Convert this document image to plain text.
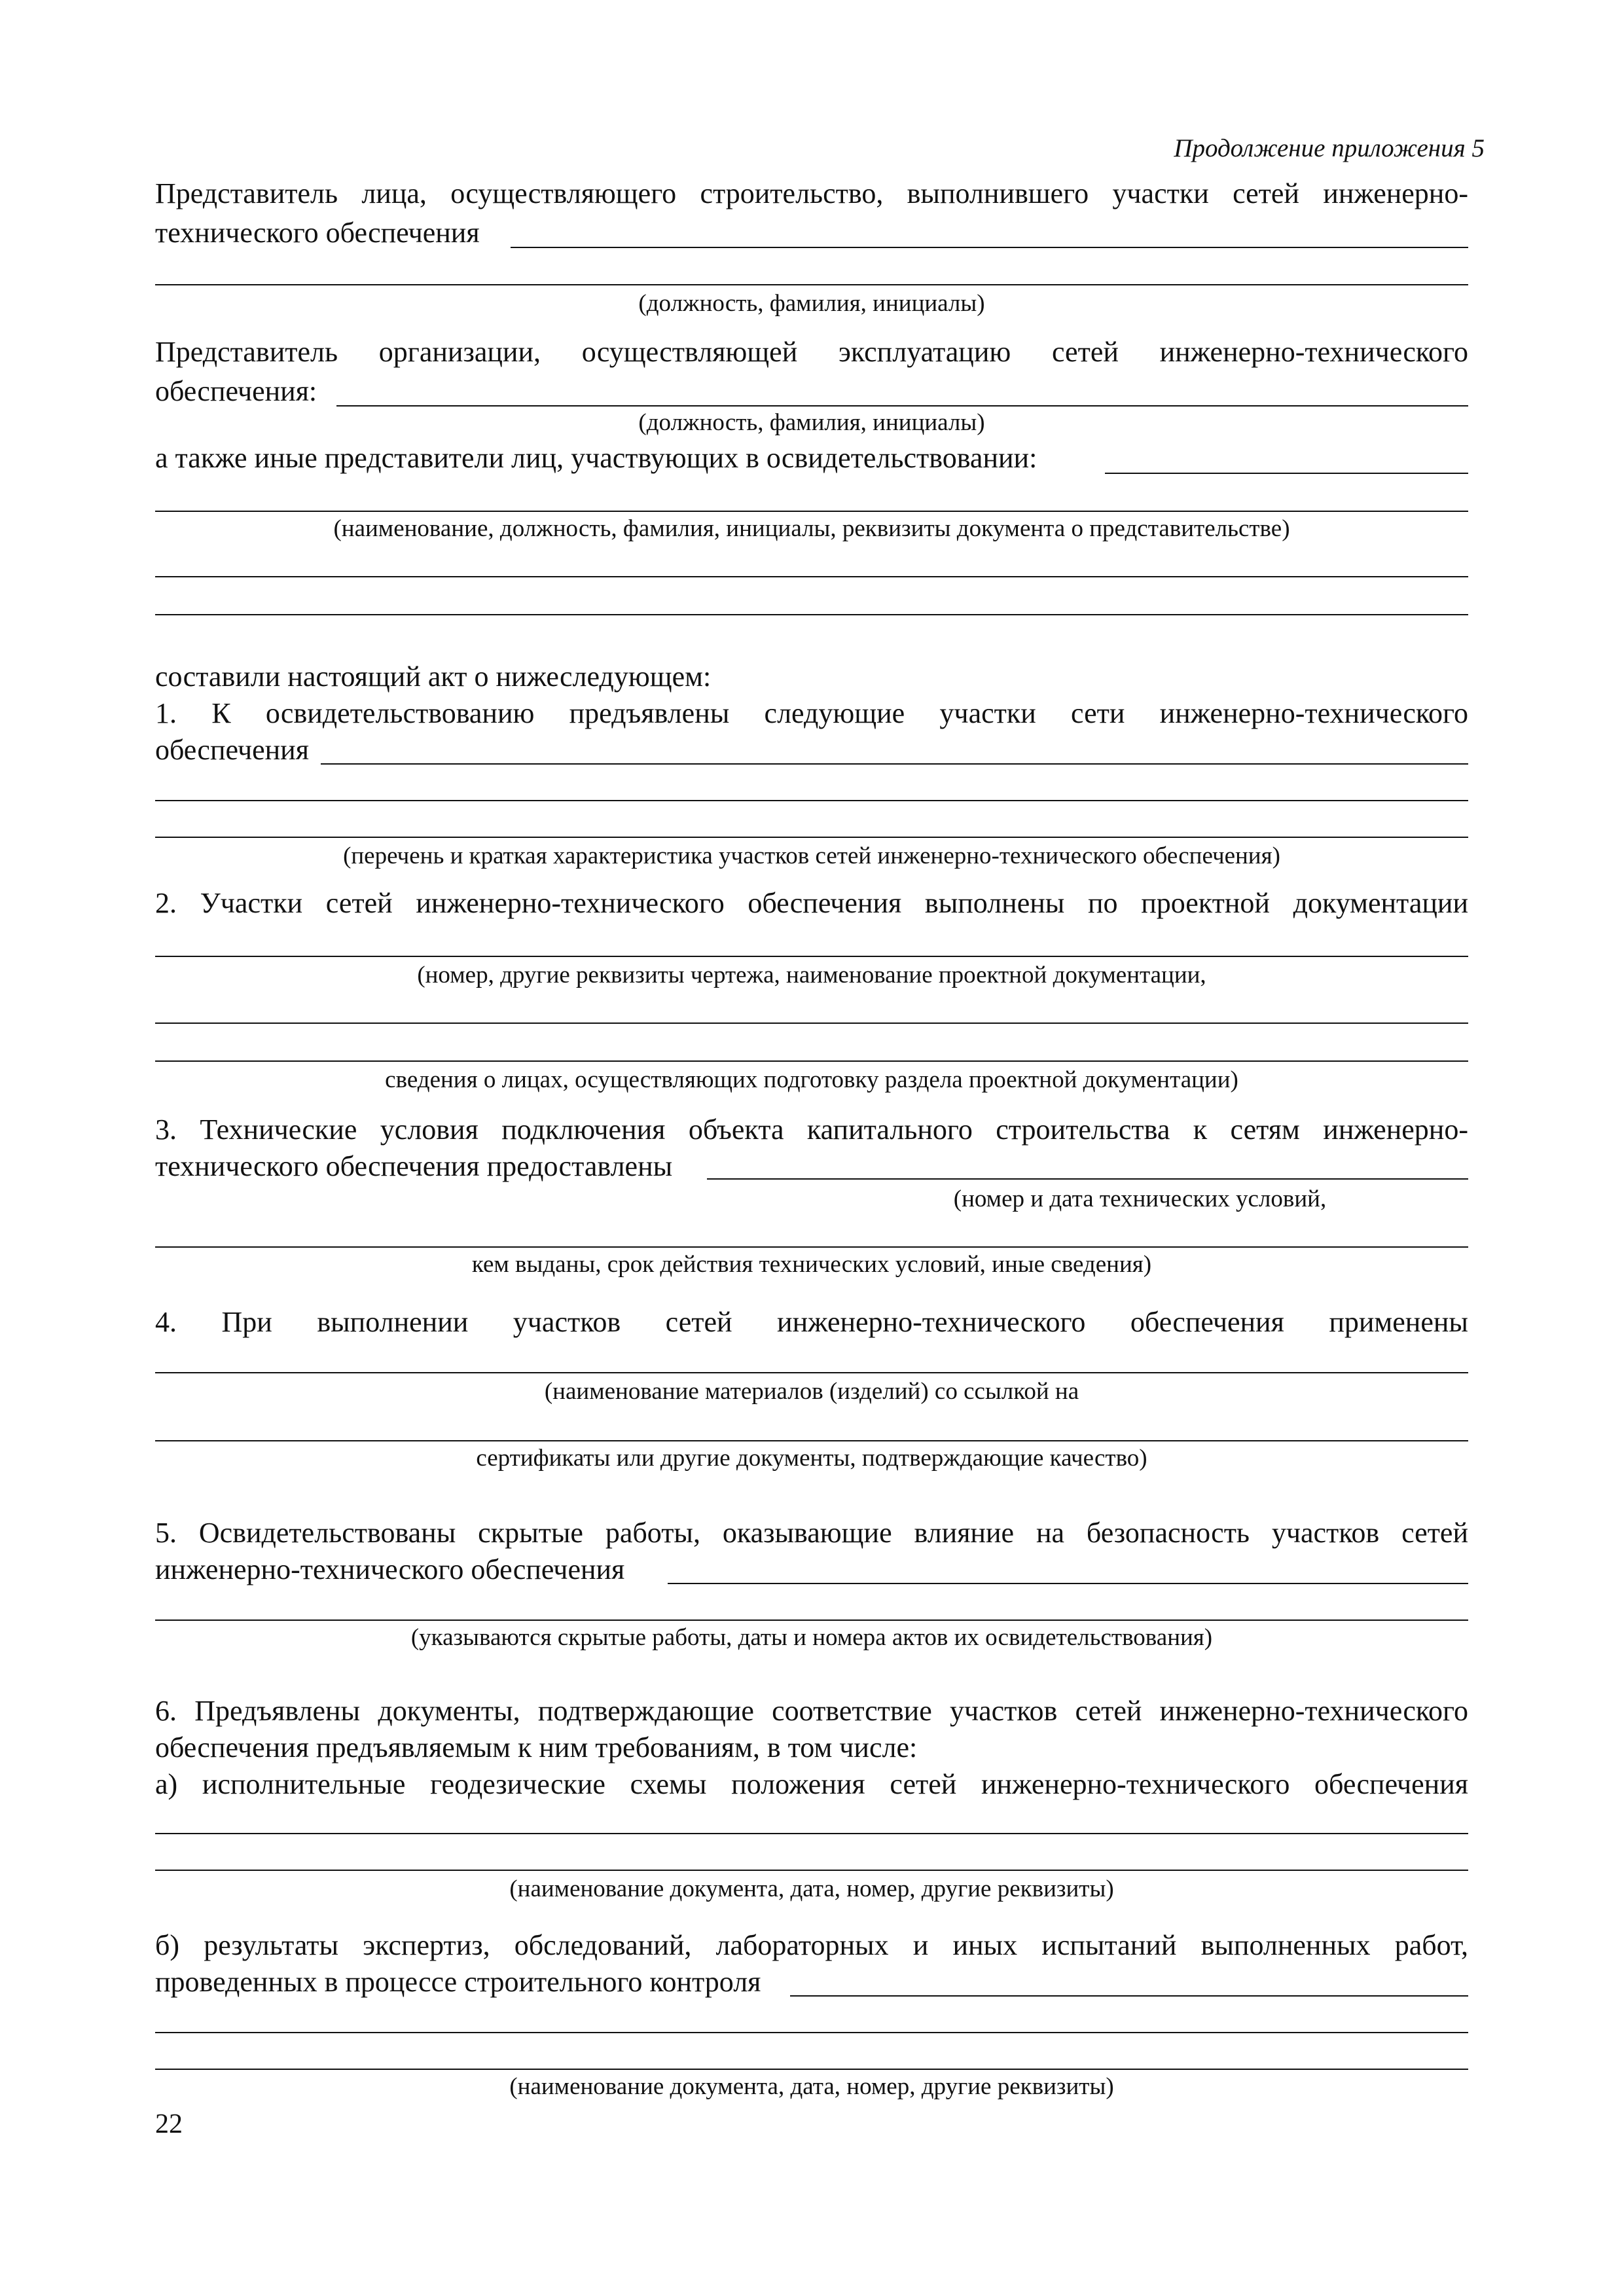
Продолжение приложения 5
Представитель лица, осуществляющего строительство, выполнившего участки сетей инженерно-
технического обеспечения
(должность, фамилия, инициалы)
Представитель организации, осуществляющей эксплуатацию сетей инженерно-технического
обеспечения:
(должность, фамилия, инициалы)
а также иные представители лиц, участвующих в освидетельствовании:
(наименование, должность, фамилия, инициалы, реквизиты документа о представительстве)
составили настоящий акт о нижеследующем:
1. К освидетельствованию предъявлены следующие участки сети инженерно-технического
обеспечения
(перечень и краткая характеристика участков сетей инженерно-технического обеспечения)
2. Участки сетей инженерно-технического обеспечения выполнены по проектной документации
(номер, другие реквизиты чертежа, наименование проектной документации,
сведения о лицах, осуществляющих подготовку раздела проектной документации)
3. Технические условия подключения объекта капитального строительства к сетям инженерно-
технического обеспечения предоставлены
(номер и дата технических условий,
кем выданы, срок действия технических условий, иные сведения)
4. При выполнении участков сетей инженерно-технического обеспечения применены
(наименование материалов (изделий) со ссылкой на
сертификаты или другие документы, подтверждающие качество)
5. Освидетельствованы скрытые работы, оказывающие влияние на безопасность участков сетей
инженерно-технического обеспечения
(указываются скрытые работы, даты и номера актов их освидетельствования)
6. Предъявлены документы, подтверждающие соответствие участков сетей инженерно-технического
обеспечения предъявляемым к ним требованиям, в том числе:
а) исполнительные геодезические схемы положения сетей инженерно-технического обеспечения
(наименование документа, дата, номер, другие реквизиты)
б) результаты экспертиз, обследований, лабораторных и иных испытаний выполненных работ,
проведенных в процессе строительного контроля
(наименование документа, дата, номер, другие реквизиты)
22
